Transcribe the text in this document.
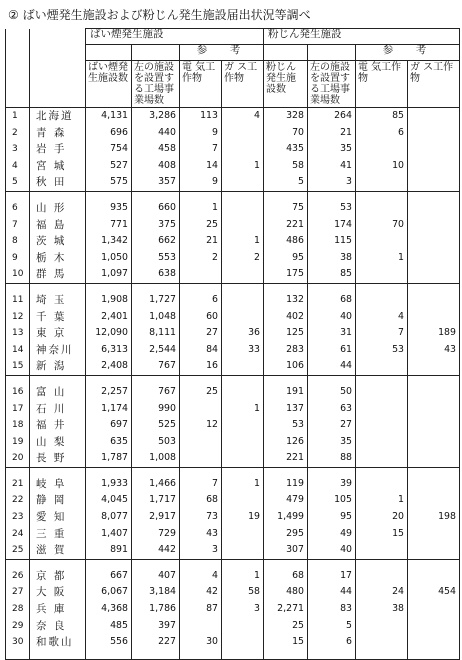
② ばい煙発生施設および粉じん発生施設届出状況等調べ
		ばい煙発生施設				粉じん発生施設			
				参　考				参　考	
		ばい煙発生施設数	左の施設を設置する工場事業場数	電 気工作物	ガ ス工作物	粉じん発生施設数	左の施設を設置する工場事業場数	電 気工作物	ガ ス工作物
1	北海道	4,131	3,286	113	4	328	264	85	
2	青 森	696	440	9		70	21	6	
3	岩 手	754	458	7		435	35		
4	宮 城	527	408	14	1	58	41	10	
5	秋 田	575	357	9		5	3		

6	山 形	935	660	1		75	53		
7	福 島	771	375	25		221	174	70	
8	茨 城	1,342	662	21	1	486	115		
9	栃 木	1,050	553	2	2	95	38	1	
10	群 馬	1,097	638			175	85		

11	埼 玉	1,908	1,727	6		132	68		
12	千 葉	2,401	1,048	60		402	40	4	
13	東 京	12,090	8,111	27	36	125	31	7	189
14	神奈川	6,313	2,544	84	33	283	61	53	43
15	新 潟	2,408	767	16		106	44		

16	富 山	2,257	767	25		191	50		
17	石 川	1,174	990		1	137	63		
18	福 井	697	525	12		53	27		
19	山 梨	635	503			126	35		
20	長 野	1,787	1,008			221	88		

21	岐 阜	1,933	1,466	7	1	119	39		
22	静 岡	4,045	1,717	68		479	105	1	
23	愛 知	8,077	2,917	73	19	1,499	95	20	198
24	三 重	1,407	729	43		295	49	15	
25	滋 賀	891	442	3		307	40		

26	京 都	667	407	4	1	68	17		
27	大 阪	6,067	3,184	42	58	480	44	24	454
28	兵 庫	4,368	1,786	87	3	2,271	83	38	
29	奈 良	485	397			25	5		
30	和歌山	556	227	30		15	6		
